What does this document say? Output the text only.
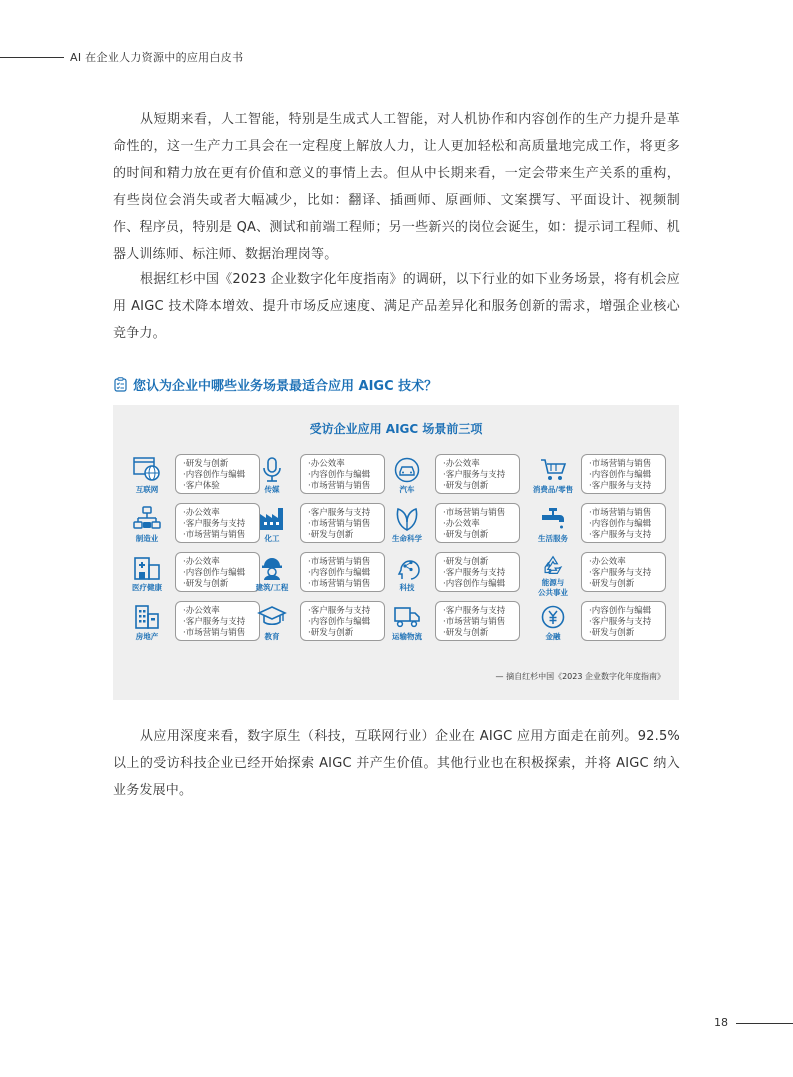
AI 在企业人力资源中的应用白皮书

从短期来看，人工智能，特别是生成式人工智能，对人机协作和内容创作的生产力提升是革命性的，这一生产力工具会在一定程度上解放人力，让人更加轻松和高质量地完成工作，将更多的时间和精力放在更有价值和意义的事情上去。但从中长期来看，一定会带来生产关系的重构，有些岗位会消失或者大幅减少，比如：翻译、插画师、原画师、文案撰写、平面设计、视频制作、程序员，特别是 QA、测试和前端工程师；另一些新兴的岗位会诞生，如：提示词工程师、机器人训练师、标注师、数据治理岗等。

根据红杉中国《2023 企业数字化年度指南》的调研，以下行业的如下业务场景，将有机会应用 AIGC 技术降本增效、提升市场反应速度、满足产品差异化和服务创新的需求，增强企业核心竞争力。

您认为企业中哪些业务场景最适合应用 AIGC 技术？
受访企业应用 AIGC 场景前三项
互联网
·研发与创新
·内容创作与编辑
·客户体验	传媒
·办公效率
·内容创作与编辑
·市场营销与销售	汽车
·办公效率
·客户服务与支持
·研发与创新	消费品/零售
·市场营销与销售
·内容创作与编辑
·客户服务与支持
制造业
·办公效率
·客户服务与支持
·市场营销与销售	化工
·客户服务与支持
·市场营销与销售
·研发与创新	生命科学
·市场营销与销售
·办公效率
·研发与创新	生活服务
·市场营销与销售
·内容创作与编辑
·客户服务与支持
医疗健康
·办公效率
·内容创作与编辑
·研发与创新	建筑/工程
·市场营销与销售
·内容创作与编辑
·市场营销与销售	科技
·研发与创新
·客户服务与支持
·内容创作与编辑	能源与
公共事业
·办公效率
·客户服务与支持
·研发与创新
房地产
·办公效率
·客户服务与支持
·市场营销与销售	教育
·客户服务与支持
·内容创作与编辑
·研发与创新	运输物流
·客户服务与支持
·市场营销与销售
·研发与创新	金融
·内容创作与编辑
·客户服务与支持
·研发与创新
— 摘自红杉中国《2023 企业数字化年度指南》

从应用深度来看，数字原生（科技，互联网行业）企业在 AIGC 应用方面走在前列。92.5% 以上的受访科技企业已经开始探索 AIGC 并产生价值。其他行业也在积极探索，并将 AIGC 纳入业务发展中。

18
